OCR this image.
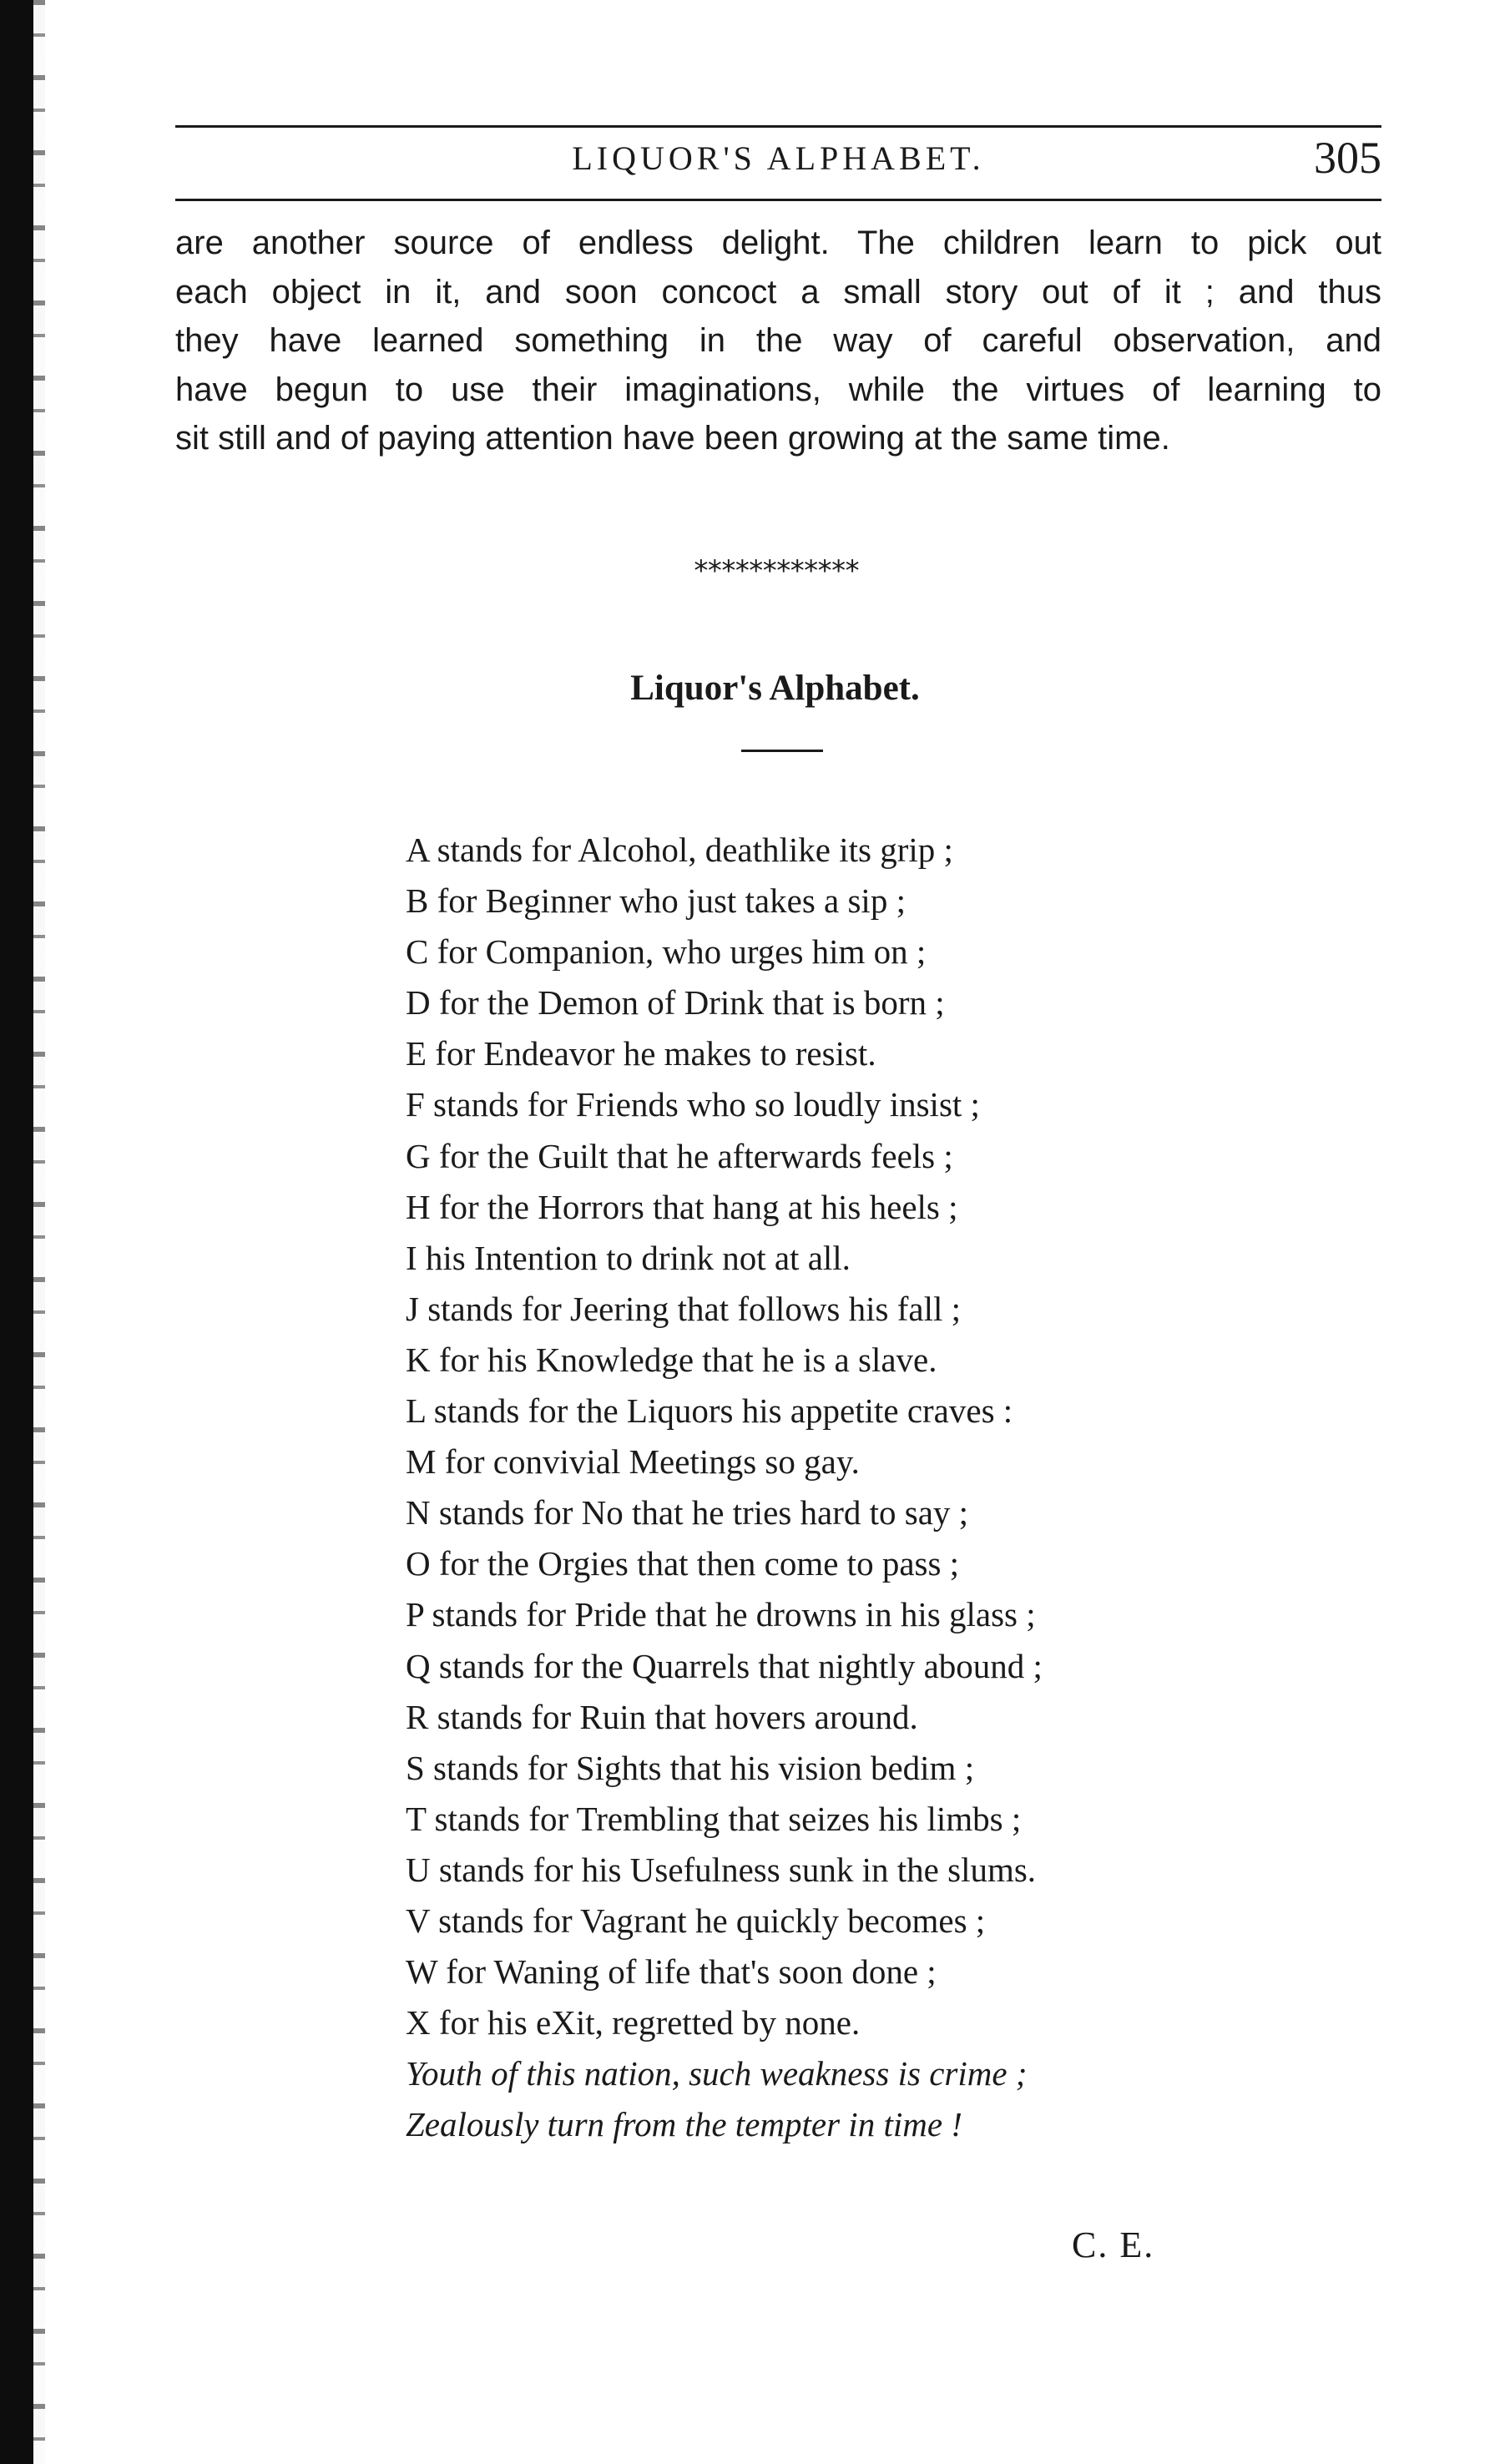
LIQUOR'S ALPHABET.	305
are another source of endless delight. The children learn to pick out
each object in it, and soon concoct a small story out of it ; and thus
they have learned something in the way of careful observation, and
have begun to use their imaginations, while the virtues of learning to
sit still and of paying attention have been growing at the same time.
************
Liquor's Alphabet.
A stands for Alcohol, deathlike its grip ;
B for Beginner who just takes a sip ;
C for Companion, who urges him on ;
D for the Demon of Drink that is born ;
E for Endeavor he makes to resist.
F stands for Friends who so loudly insist ;
G for the Guilt that he afterwards feels ;
H for the Horrors that hang at his heels ;
I his Intention to drink not at all.
J stands for Jeering that follows his fall ;
K for his Knowledge that he is a slave.
L stands for the Liquors his appetite craves :
M for convivial Meetings so gay.
N stands for No that he tries hard to say ;
O for the Orgies that then come to pass ;
P stands for Pride that he drowns in his glass ;
Q stands for the Quarrels that nightly abound ;
R stands for Ruin that hovers around.
S stands for Sights that his vision bedim ;
T stands for Trembling that seizes his limbs ;
U stands for his Usefulness sunk in the slums.
V stands for Vagrant he quickly becomes ;
W for Waning of life that's soon done ;
X for his eXit, regretted by none.
Youth of this nation, such weakness is crime ;
Zealously turn from the tempter in time !
C. E.
